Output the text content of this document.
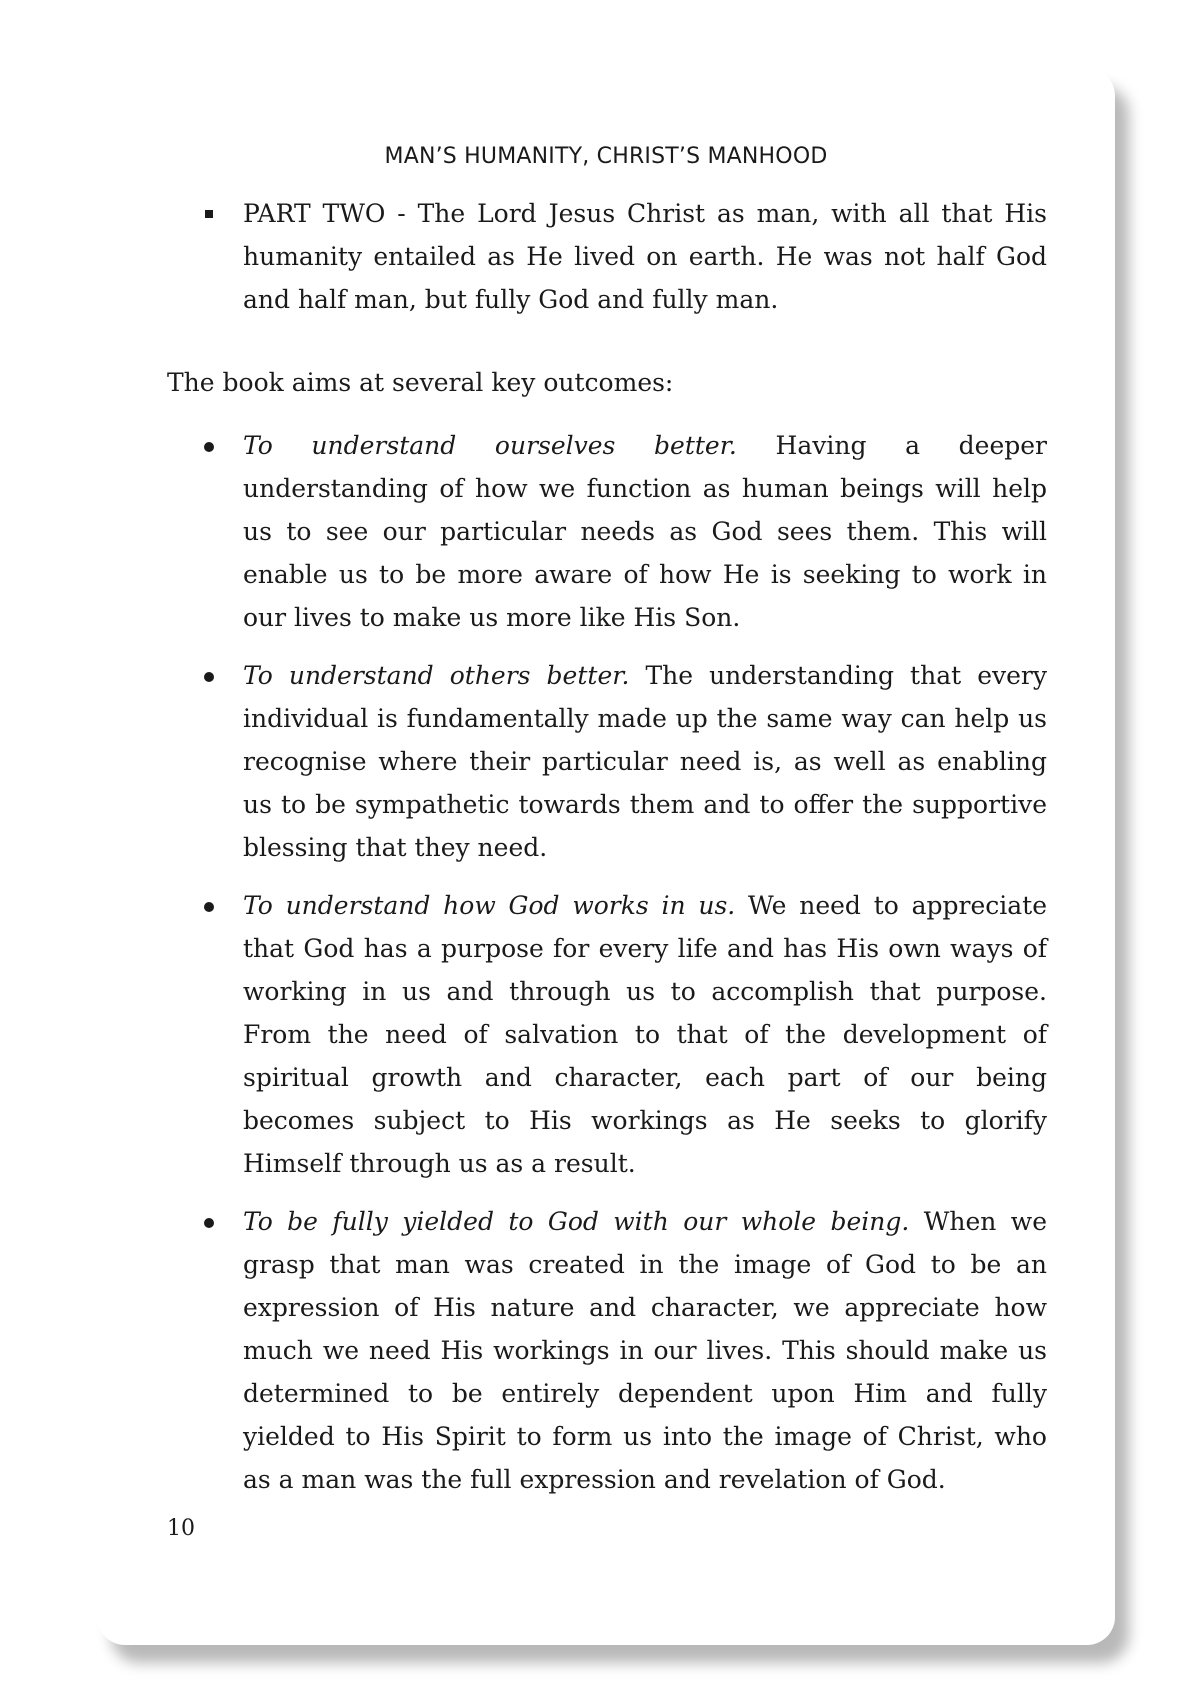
MAN’S HUMANITY, CHRIST’S MANHOOD
PART TWO - The Lord Jesus Christ as man, with all that His humanity entailed as He lived on earth. He was not half God and half man, but fully God and fully man.

The book aims at several key outcomes:

To understand ourselves better. Having a deeper understanding of how we function as human beings will help us to see our particular needs as God sees them. This will enable us to be more aware of how He is seeking to work in our lives to make us more like His Son.
To understand others better. The understanding that every individual is fundamentally made up the same way can help us recognise where their particular need is, as well as enabling us to be sympathetic towards them and to offer the supportive blessing that they need.
To understand how God works in us. We need to appreciate that God has a purpose for every life and has His own ways of working in us and through us to accomplish that purpose. From the need of salvation to that of the development of spiritual growth and character, each part of our being becomes subject to His workings as He seeks to glorify Himself through us as a result.
To be fully yielded to God with our whole being. When we grasp that man was created in the image of God to be an expression of His nature and character, we appreciate how much we need His workings in our lives. This should make us determined to be entirely dependent upon Him and fully yielded to His Spirit to form us into the image of Christ, who as a man was the full expression and revelation of God.
10
